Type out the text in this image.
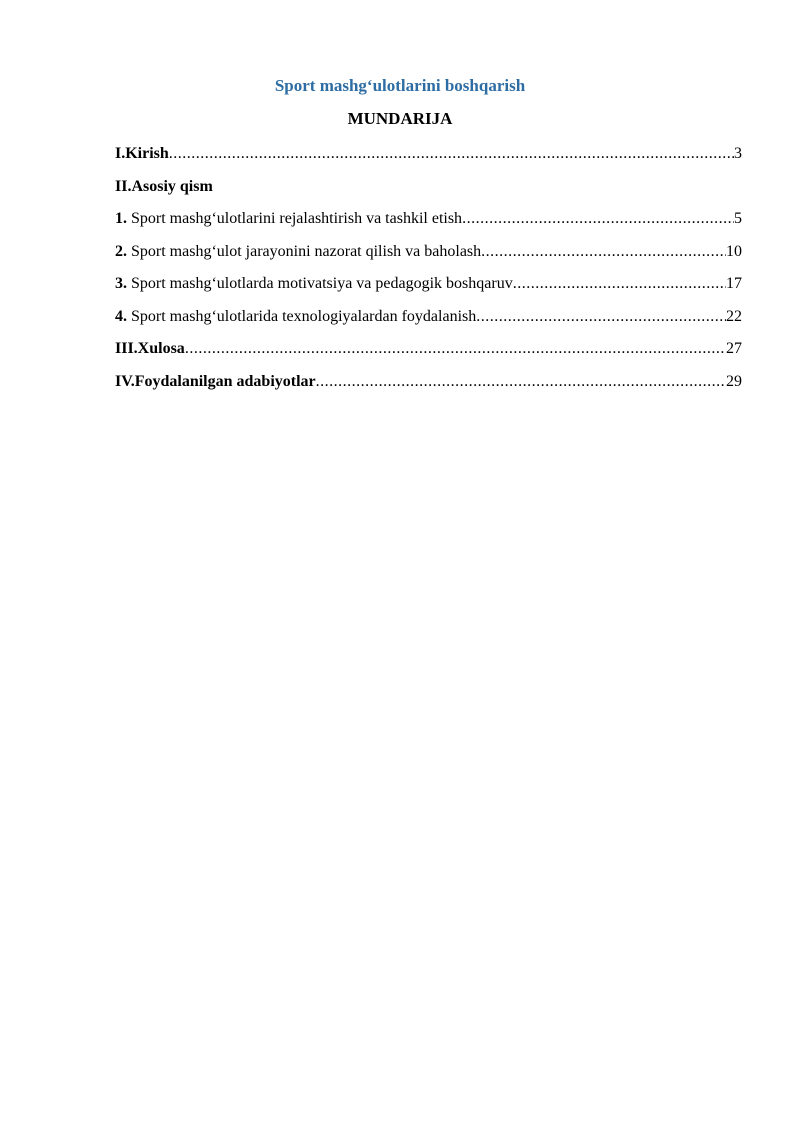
Sport mashg‘ulotlarini boshqarish
MUNDARIJA
I.Kirish .....	3
II.Asosiy qism
1. Sport mashg‘ulotlarini rejalashtirish va tashkil etish .....	5
2. Sport mashg‘ulot jarayonini nazorat qilish va baholash .....	10
3. Sport mashg‘ulotlarda motivatsiya va pedagogik boshqaruv .....	17
4. Sport mashg‘ulotlarida texnologiyalardan foydalanish .....	22
III.Xulosa .....	27
IV.Foydalanilgan adabiyotlar .....	29
